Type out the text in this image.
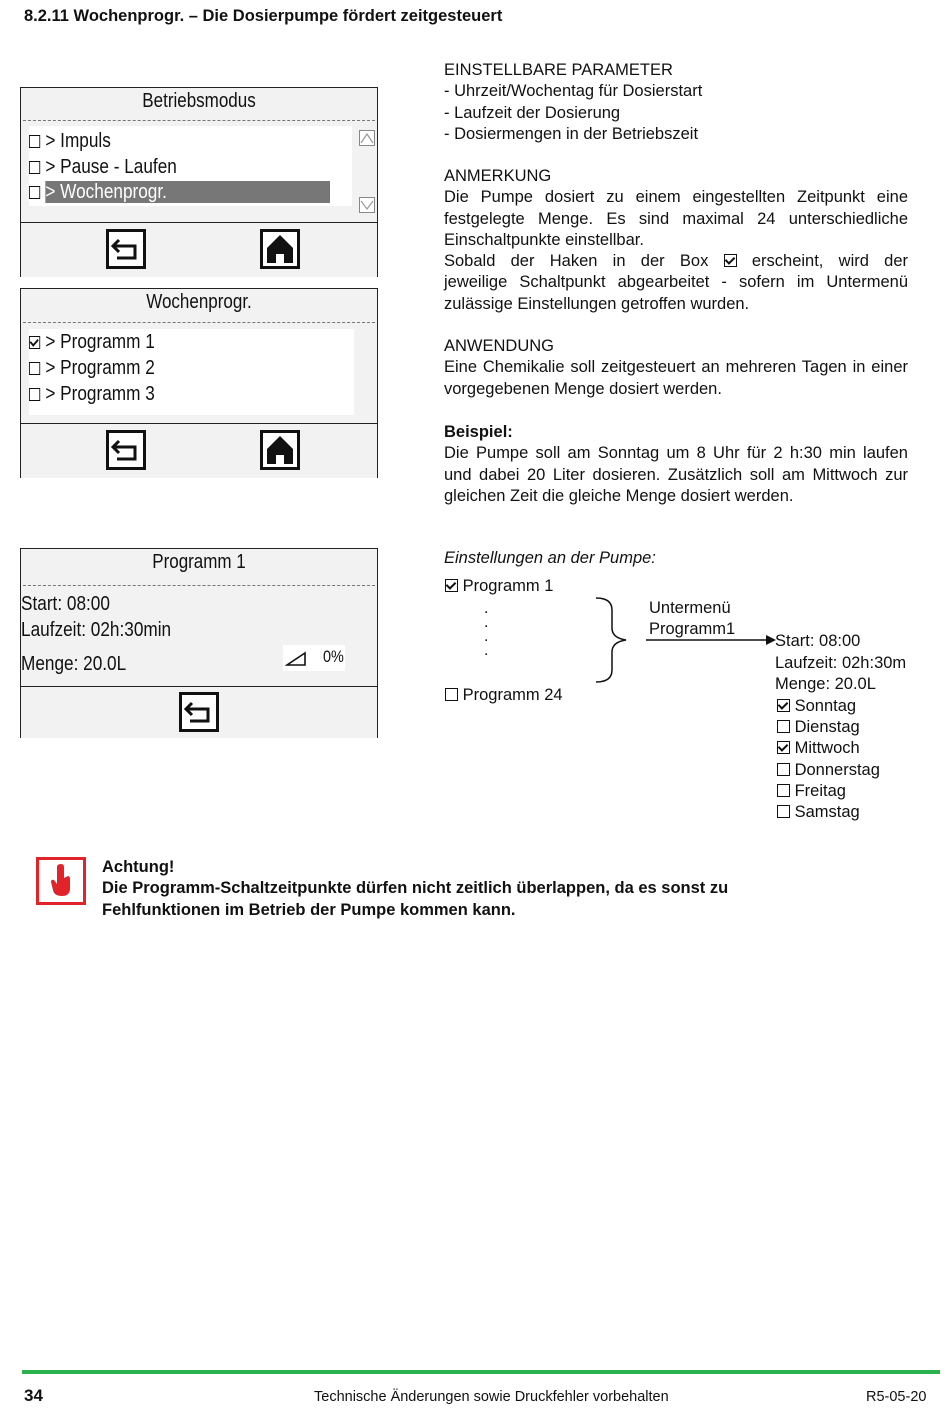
8.2.11 Wochenprogr. – Die Dosierpumpe fördert zeitgesteuert
Betriebsmodus
> Impuls
> Pause - Laufen
> Wochenprogr.
Wochenprogr.
> Programm 1
> Programm 2
> Programm 3
Programm 1
Start: 08:00
Laufzeit: 02h:30min
Menge: 20.0L	0%
EINSTELLBARE PARAMETER
- Uhrzeit/Wochentag für Dosierstart
- Laufzeit der Dosierung
- Dosiermengen in der Betriebszeit
ANMERKUNG
Die Pumpe dosiert zu einem eingestellten Zeitpunkt eine festgelegte Menge. Es sind maximal 24 unterschiedliche Einschaltpunkte einstellbar.
Sobald der Haken in der Box	erscheint, wird der
jeweilige Schaltpunkt abgearbeitet - sofern im Untermenü zulässige Einstellungen getroffen wurden.
ANWENDUNG
Eine Chemikalie soll zeitgesteuert an mehreren Tagen in einer vorgegebenen Menge dosiert werden.
Beispiel:
Die Pumpe soll am Sonntag um 8 Uhr für 2 h:30 min laufen und dabei 20 Liter dosieren. Zusätzlich soll am Mittwoch zur gleichen Zeit die gleiche Menge dosiert werden.
Einstellungen an der Pumpe:
Programm 1
.
.
.
.
Programm 24
Untermenü
Programm1
Start: 08:00
Laufzeit: 02h:30m
Menge: 20.0L
Sonntag
Dienstag
Mittwoch
Donnerstag
Freitag
Samstag
Achtung!
Die Programm-Schaltzeitpunkte dürfen nicht zeitlich überlappen, da es sonst zu Fehlfunktionen im Betrieb der Pumpe kommen kann.
34	Technische Änderungen sowie Druckfehler vorbehalten	R5-05-20
